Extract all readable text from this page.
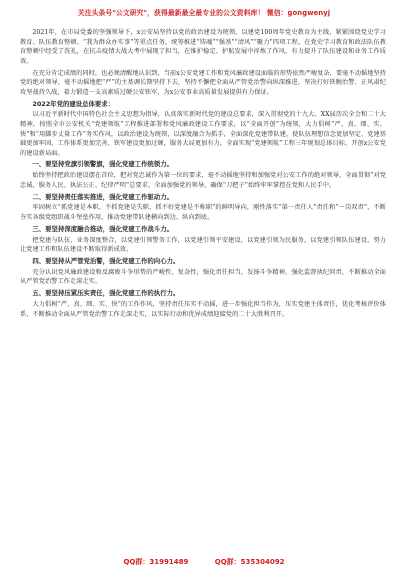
关注头条号"公文研究"，获得最新最全最专业的公文资料库！ 微信：gongwenyj

2021年，在市局党委的坚强领导下，x公安局坚持以党的政治建设为统领，以建党100周年党史教育为主线，紧紧围绕党史学习教育、队伍教育整顿、“我为群众办实事”等重点任务，统筹推进“铸魂”“强基”“清风”“聚力”四项工程，在党史学习教育和政法队伍教育整顿中经受了洗礼，在抗击疫情大战大考中展现了担当，在维护稳定、护航发展中淬炼了作风，有力提升了队伍建设和业务工作质效。

在充分肯定成绩的同时，也必须清醒地认识到，当前x公安党建工作和党风廉政建设面临的形势依然严峻复杂，要毫不动摇地坚持党的绝对领导，毫不动摇地把“严”的主基调长期坚持下去，坚持不懈把全面从严管党治警向纵深推进，坚决打好铁腕治警、正风肃纪攻坚战持久战，着力锻造一支高素质过硬公安铁军，为x公安事业高质量发展提供有力保证。

2022年党的建设总体要求：

以习近平新时代中国特色社会主义思想为指导，认真落实新时代党的建设总要求，深入贯彻党的十九大、XX届历次全会和二十大精神，按照全市公安机关“党建领航”工程推进部署和党风廉政建设工作要求，以“全面开创”为统领，大力倡树“严、真、细、实、快”和“用脚步丈量工作”务实作风，以政治建设为统领，以深度融合为抓手，全面深化党建带队建，使队伍理想信念更加坚定、党建基础更加牢固、工作体系更加完善、铁军建设更加过硬，服务大局更加有力，全面实现“党建领航”工程三年规划总体目标，开创x公安党的建设新局面。

一、要坚持党旗引领警旗，强化党建工作统领力。

始终坚持把政治建设摆在首位，把对党忠诚作为第一位的要求，毫不动摇地坚持和加强党对公安工作的绝对领导，全面贯彻“对党忠诚、服务人民、执法公正、纪律严明”总要求，全面加强党的领导，确保“刀把子”始终牢牢掌控在党和人民手中。

二、要坚持责任落实推进，强化党建工作驱动力。

牢固树立“抓党建是本职、不抓党建是失职、抓不好党建是不称职”的鲜明导向，刚性落实“第一责任人”责任和“一岗双责”，不断夯实各级党组织战斗堡垒作用，推动党建带队建横向到边、纵向到底。

三、要坚持深度融合推动，强化党建工作战斗力。

把党建与队伍、业务深度整合，以党建引领警务工作，以党建引领平安建设，以党建引领为民服务，以党建引领队伍建设，努力让党建工作和队伍建设不断取得新成效。

四、要坚持从严管党治警，强化党建工作的向心力。

充分认识党风廉政建设和反腐败斗争形势的严峻性、复杂性，强化责任担当，发扬斗争精神，强化监督执纪问责，不断推动全面从严管党治警工作走深走实。

五、要坚持压紧压实责任，强化党建工作的执行力。

大力倡树“严、真、细、实、快”的工作作风，坚持责任压实不动摇，进一步强化担当作为，压实党建主体责任，优化考核评价体系，不断推动全面从严管党治警工作走深走实，以实际行动和优异成绩迎接党的二十大胜利召开。

QQ群：31991489	QQ群：535304092
